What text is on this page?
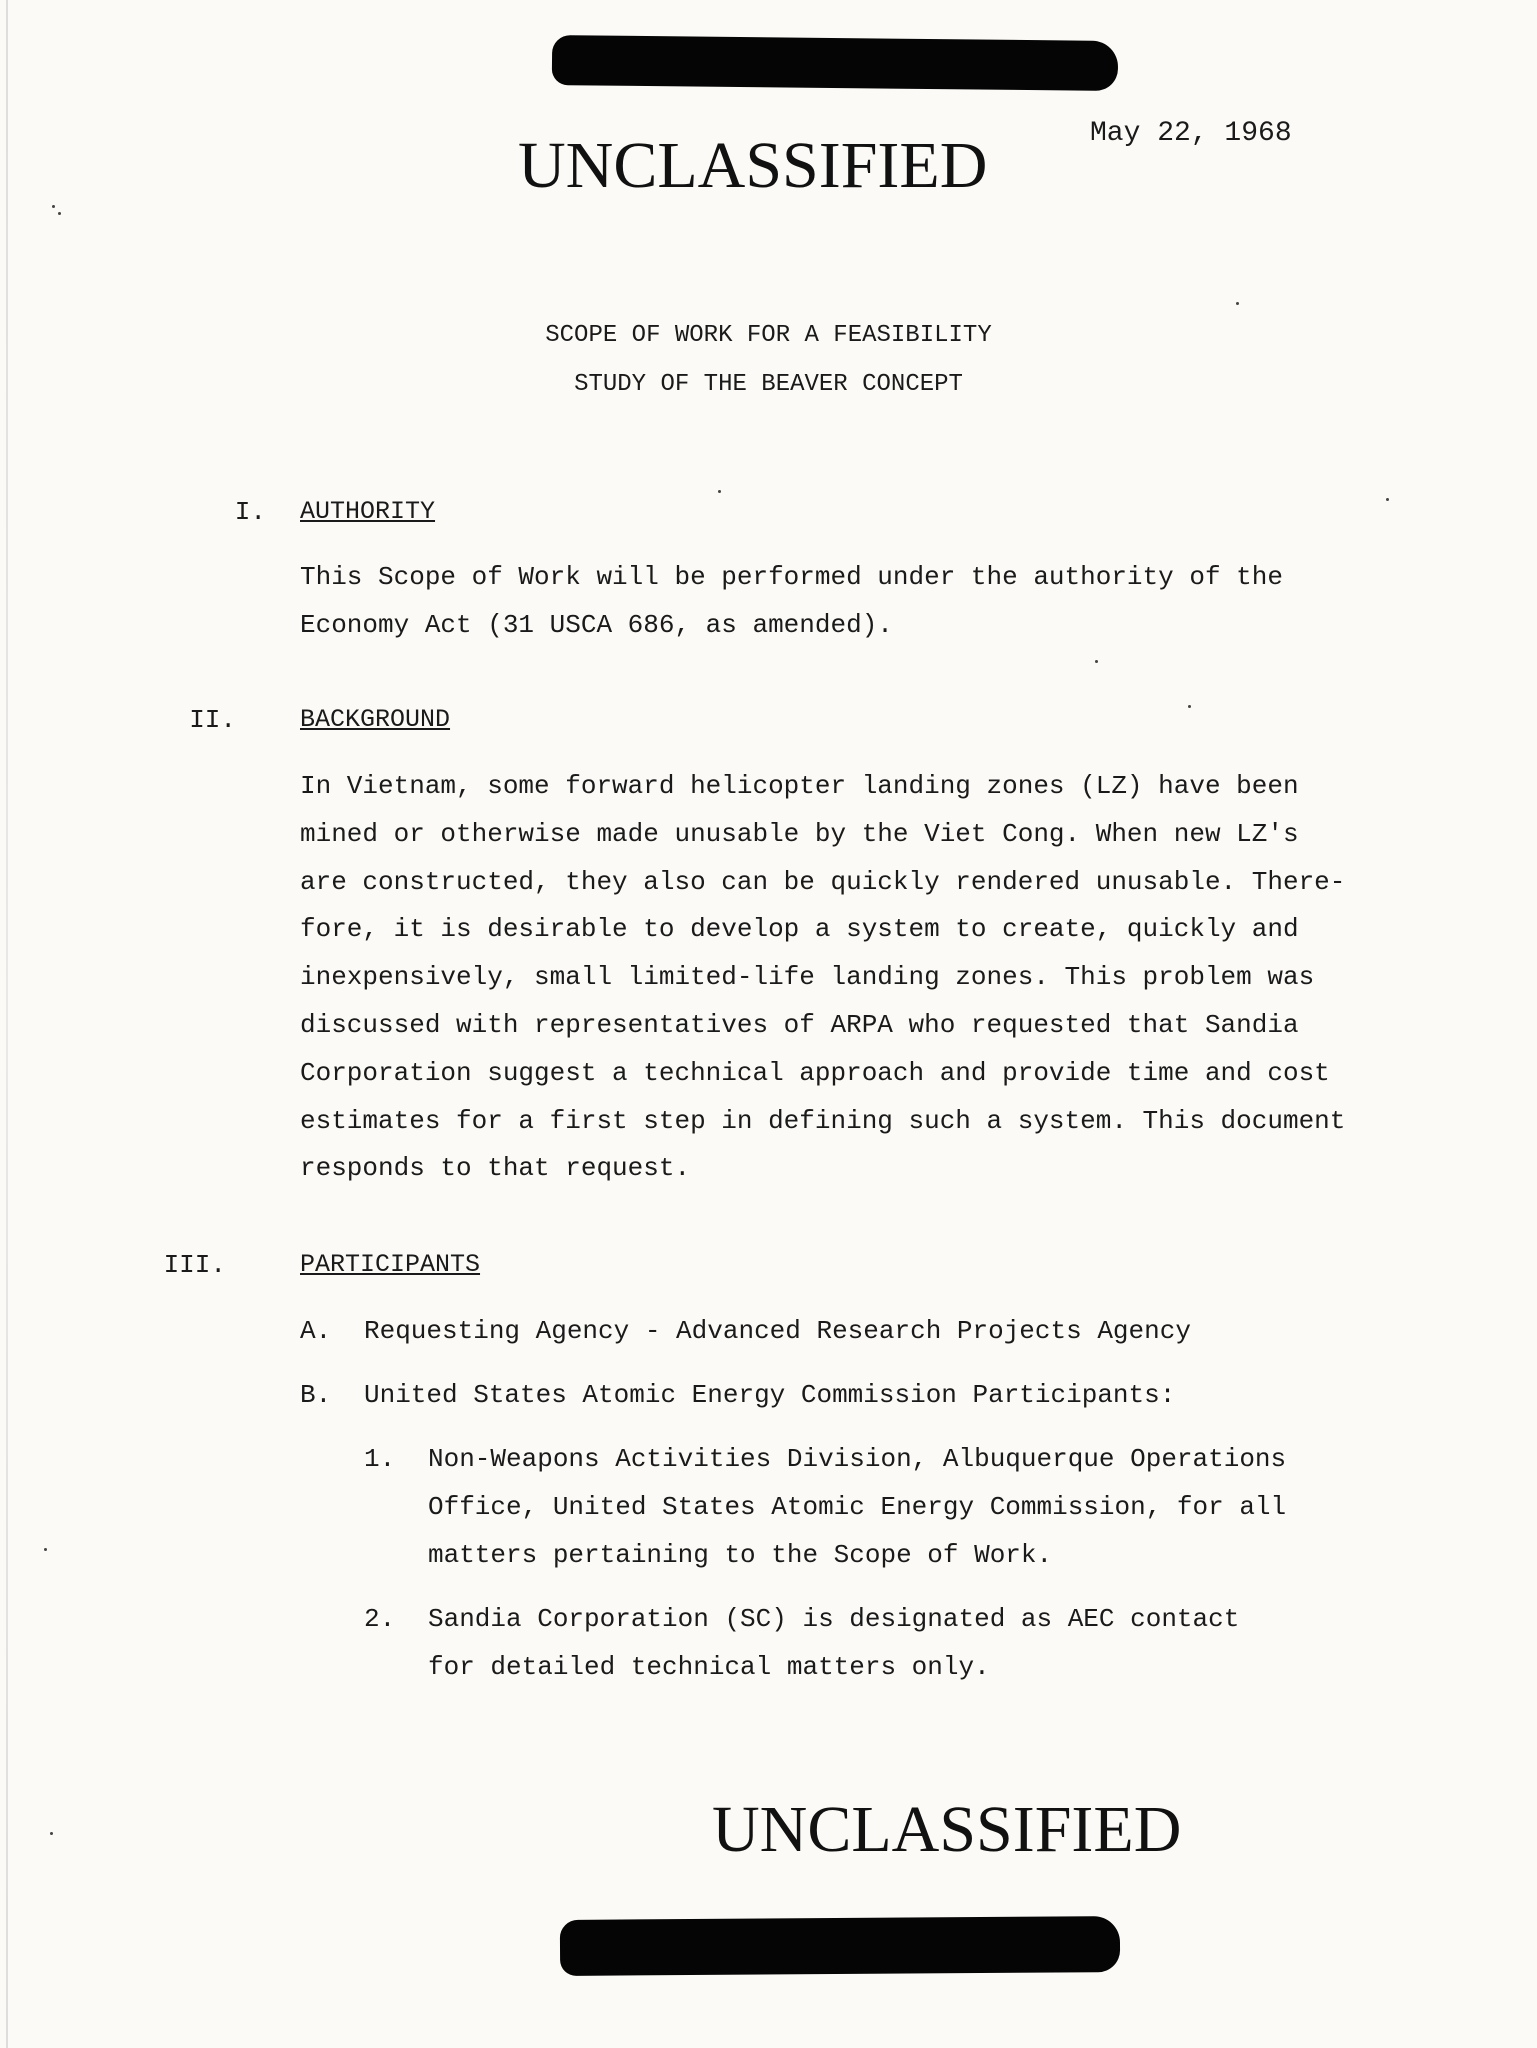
UNCLASSIFIED	May 22, 1968
SCOPE OF WORK FOR A FEASIBILITY
STUDY OF THE BEAVER CONCEPT
I. AUTHORITY
This Scope of Work will be performed under the authority of the
Economy Act (31 USCA 686, as amended).
II.	BACKGROUND
In Vietnam, some forward helicopter landing zones (LZ) have been
mined or otherwise made unusable by the Viet Cong. When new LZ's
are constructed, they also can be quickly rendered unusable. There-
fore, it is desirable to develop a system to create, quickly and
inexpensively, small limited-life landing zones. This problem was
discussed with representatives of ARPA who requested that Sandia
Corporation suggest a technical approach and provide time and cost
estimates for a first step in defining such a system. This document
responds to that request.
III.	PARTICIPANTS
A. Requesting Agency - Advanced Research Projects Agency
B. United States Atomic Energy Commission Participants:
1. Non-Weapons Activities Division, Albuquerque Operations
Office, United States Atomic Energy Commission, for all
matters pertaining to the Scope of Work.
2. Sandia Corporation (SC) is designated as AEC contact
for detailed technical matters only.
UNCLASSIFIED
